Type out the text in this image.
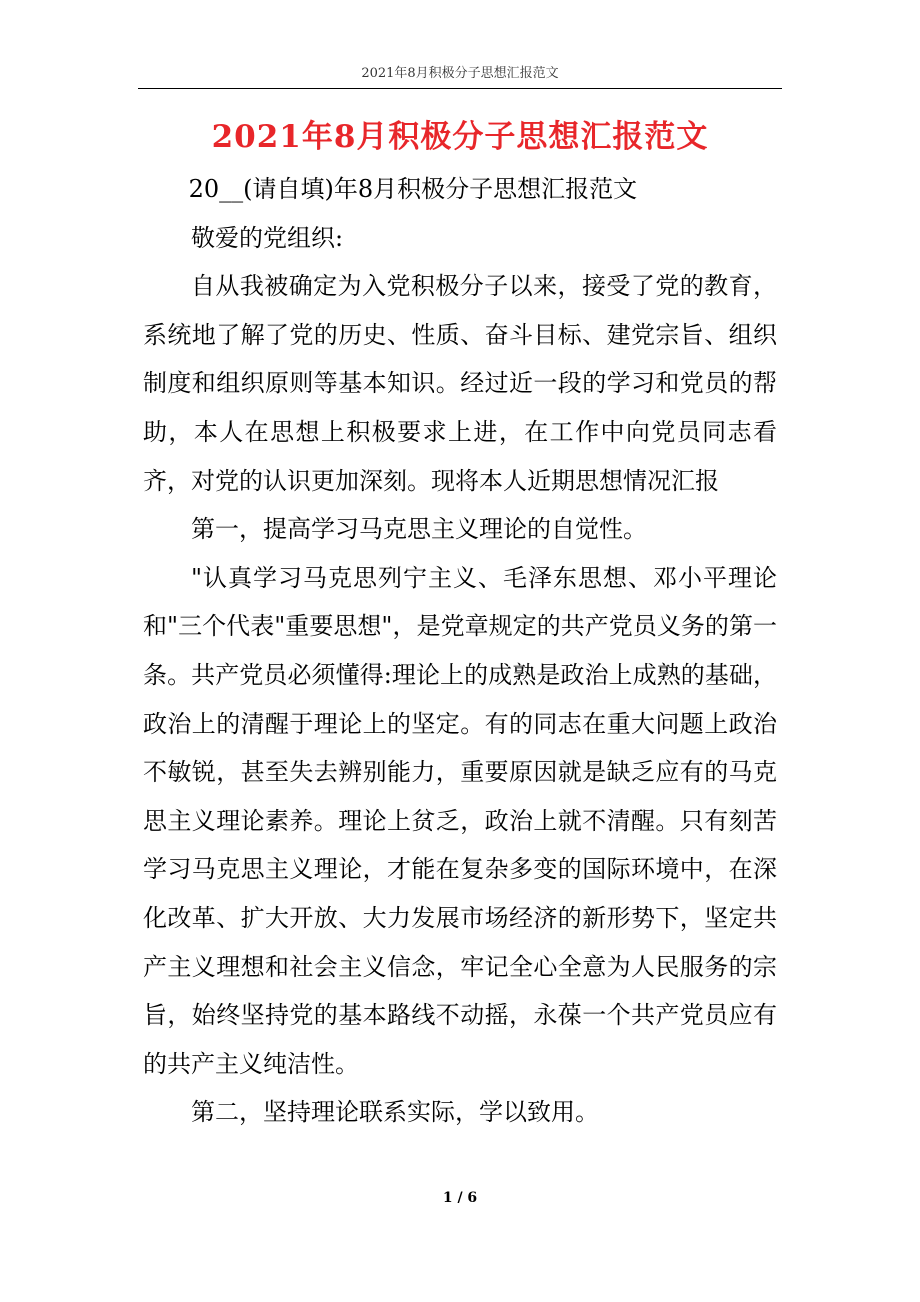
2021年8月积极分子思想汇报范文
2021年8月积极分子思想汇报范文

20__(请自填)年8月积极分子思想汇报范文

敬爱的党组织:

自从我被确定为入党积极分子以来，接受了党的教育，系统地了解了党的历史、性质、奋斗目标、建党宗旨、组织制度和组织原则等基本知识。经过近一段的学习和党员的帮助，本人在思想上积极要求上进，在工作中向党员同志看齐，对党的认识更加深刻。现将本人近期思想情况汇报

第一，提高学习马克思主义理论的自觉性。

"认真学习马克思列宁主义、毛泽东思想、邓小平理论和"三个代表"重要思想"，是党章规定的共产党员义务的第一条。共产党员必须懂得:理论上的成熟是政治上成熟的基础，政治上的清醒于理论上的坚定。有的同志在重大问题上政治不敏锐，甚至失去辨别能力，重要原因就是缺乏应有的马克思主义理论素养。理论上贫乏，政治上就不清醒。只有刻苦学习马克思主义理论，才能在复杂多变的国际环境中，在深化改革、扩大开放、大力发展市场经济的新形势下，坚定共产主义理想和社会主义信念，牢记全心全意为人民服务的宗旨，始终坚持党的基本路线不动摇，永葆一个共产党员应有的共产主义纯洁性。

第二，坚持理论联系实际，学以致用。

1 / 6
